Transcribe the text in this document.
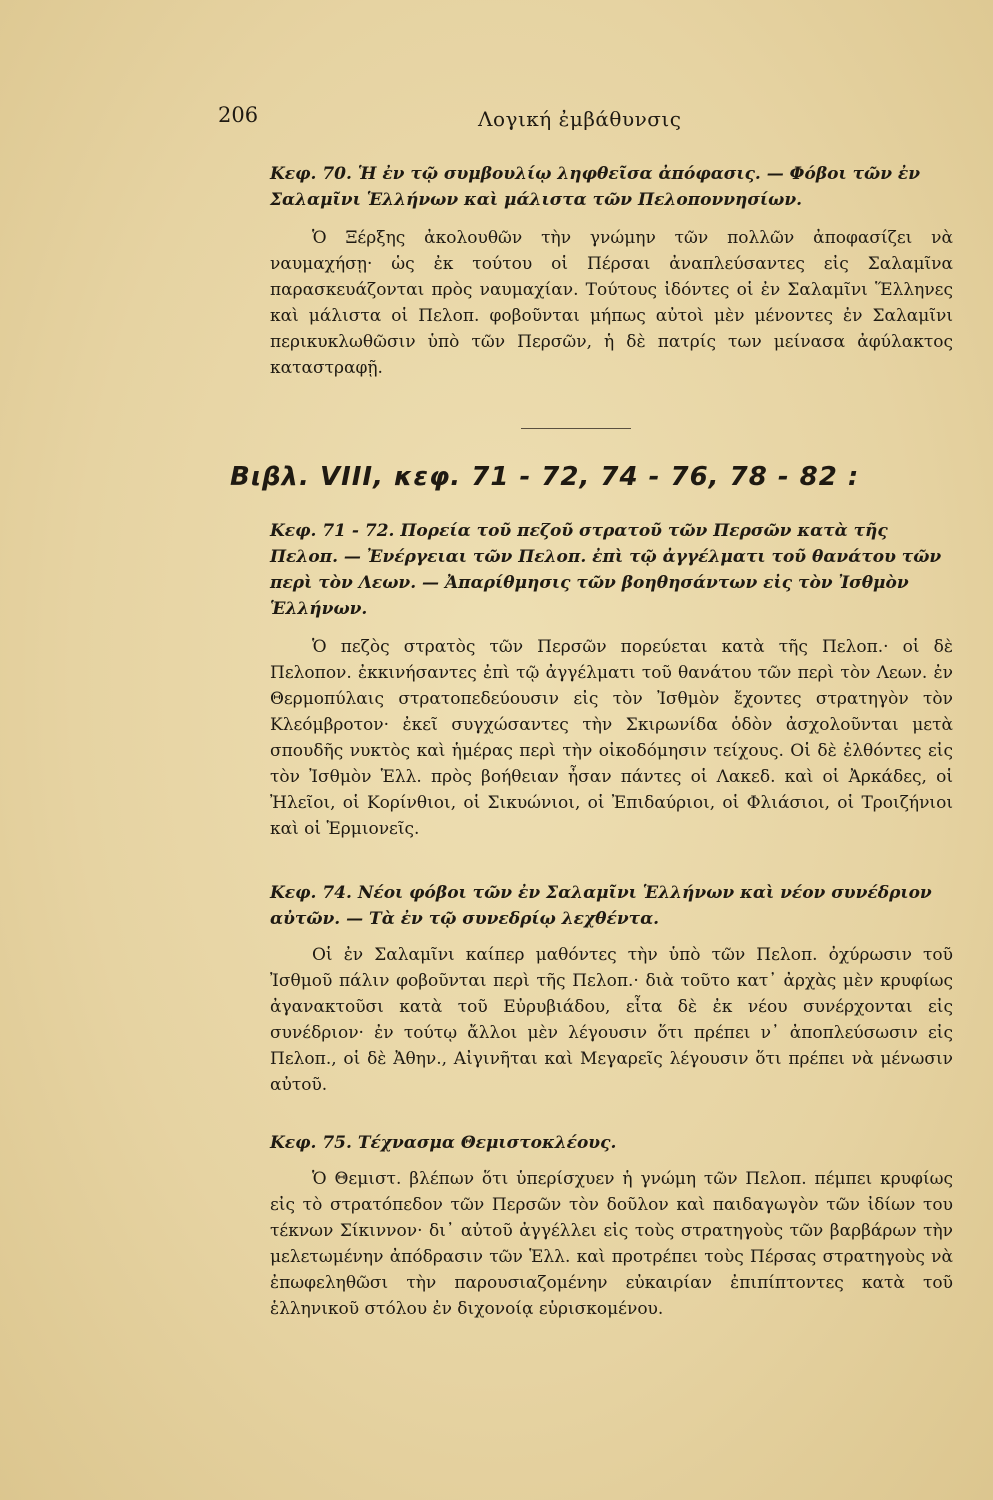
206	Λογική ἐμβάθυνσις

Κεφ. 70. Ἡ ἐν τῷ συμβουλίῳ ληφθεῖσα ἀπόφασις. — Φόβοι τῶν ἐν Σαλαμῖνι Ἑλλήνων καὶ μάλιστα τῶν Πελοποννησίων.

Ὁ Ξέρξης ἀκολουθῶν τὴν γνώμην τῶν πολλῶν ἀποφασίζει νὰ ναυμαχήσῃ· ὡς ἐκ τούτου οἱ Πέρσαι ἀναπλεύσαντες εἰς Σαλαμῖνα παρασκευάζονται πρὸς ναυμαχίαν. Τούτους ἰδόντες οἱ ἐν Σαλαμῖνι Ἕλληνες καὶ μάλιστα οἱ Πελοπ. φοβοῦνται μήπως αὐτοὶ μὲν μένοντες ἐν Σαλαμῖνι περικυκλωθῶσιν ὑπὸ τῶν Περσῶν, ἡ δὲ πατρίς των μείνασα ἀφύλακτος καταστραφῇ.

Βιβλ. VIII, κεφ. 71 - 72, 74 - 76, 78 - 82 :

Κεφ. 71 - 72. Πορεία τοῦ πεζοῦ στρατοῦ τῶν Περσῶν κατὰ τῆς Πελοπ. — Ἐνέργειαι τῶν Πελοπ. ἐπὶ τῷ ἀγγέλματι τοῦ θανάτου τῶν περὶ τὸν Λεων. — Ἀπαρίθμησις τῶν βοηθησάντων εἰς τὸν Ἰσθμὸν Ἑλλήνων.

Ὁ πεζὸς στρατὸς τῶν Περσῶν πορεύεται κατὰ τῆς Πελοπ.· οἱ δὲ Πελοπον. ἐκκινήσαντες ἐπὶ τῷ ἀγγέλματι τοῦ θανάτου τῶν περὶ τὸν Λεων. ἐν Θερμοπύλαις στρατοπεδεύουσιν εἰς τὸν Ἰσθμὸν ἔχοντες στρατηγὸν τὸν Κλεόμβροτον· ἐκεῖ συγχώσαντες τὴν Σκιρωνίδα ὁδὸν ἀσχολοῦνται μετὰ σπουδῆς νυκτὸς καὶ ἡμέρας περὶ τὴν οἰκοδόμησιν τείχους. Οἱ δὲ ἐλθόντες εἰς τὸν Ἰσθμὸν Ἑλλ. πρὸς βοήθειαν ἦσαν πάντες οἱ Λακεδ. καὶ οἱ Ἀρκάδες, οἱ Ἠλεῖοι, οἱ Κορίνθιοι, οἱ Σικυώνιοι, οἱ Ἐπιδαύριοι, οἱ Φλιάσιοι, οἱ Τροιζήνιοι καὶ οἱ Ἑρμιονεῖς.

Κεφ. 74. Νέοι φόβοι τῶν ἐν Σαλαμῖνι Ἑλλήνων καὶ νέον συνέδριον αὐτῶν. — Τὰ ἐν τῷ συνεδρίῳ λεχθέντα.

Οἱ ἐν Σαλαμῖνι καίπερ μαθόντες τὴν ὑπὸ τῶν Πελοπ. ὀχύρωσιν τοῦ Ἰσθμοῦ πάλιν φοβοῦνται περὶ τῆς Πελοπ.· διὰ τοῦτο κατ᾽ ἀρχὰς μὲν κρυφίως ἀγανακτοῦσι κατὰ τοῦ Εὐρυβιάδου, εἶτα δὲ ἐκ νέου συνέρχονται εἰς συνέδριον· ἐν τούτῳ ἄλλοι μὲν λέγουσιν ὅτι πρέπει ν᾽ ἀποπλεύσωσιν εἰς Πελοπ., οἱ δὲ Ἀθην., Αἰγινῆται καὶ Μεγαρεῖς λέγουσιν ὅτι πρέπει νὰ μένωσιν αὐτοῦ.

Κεφ. 75. Τέχνασμα Θεμιστοκλέους.

Ὁ Θεμιστ. βλέπων ὅτι ὑπερίσχυεν ἡ γνώμη τῶν Πελοπ. πέμπει κρυφίως εἰς τὸ στρατόπεδον τῶν Περσῶν τὸν δοῦλον καὶ παιδαγωγὸν τῶν ἰδίων του τέκνων Σίκιννον· δι᾽ αὐτοῦ ἀγγέλλει εἰς τοὺς στρατηγοὺς τῶν βαρβάρων τὴν μελετωμένην ἀπόδρασιν τῶν Ἑλλ. καὶ προτρέπει τοὺς Πέρσας στρατηγοὺς νὰ ἐπωφεληθῶσι τὴν παρουσιαζομένην εὐκαιρίαν ἐπιπίπτοντες κατὰ τοῦ ἑλληνικοῦ στόλου ἐν διχονοίᾳ εὑρισκομένου.
